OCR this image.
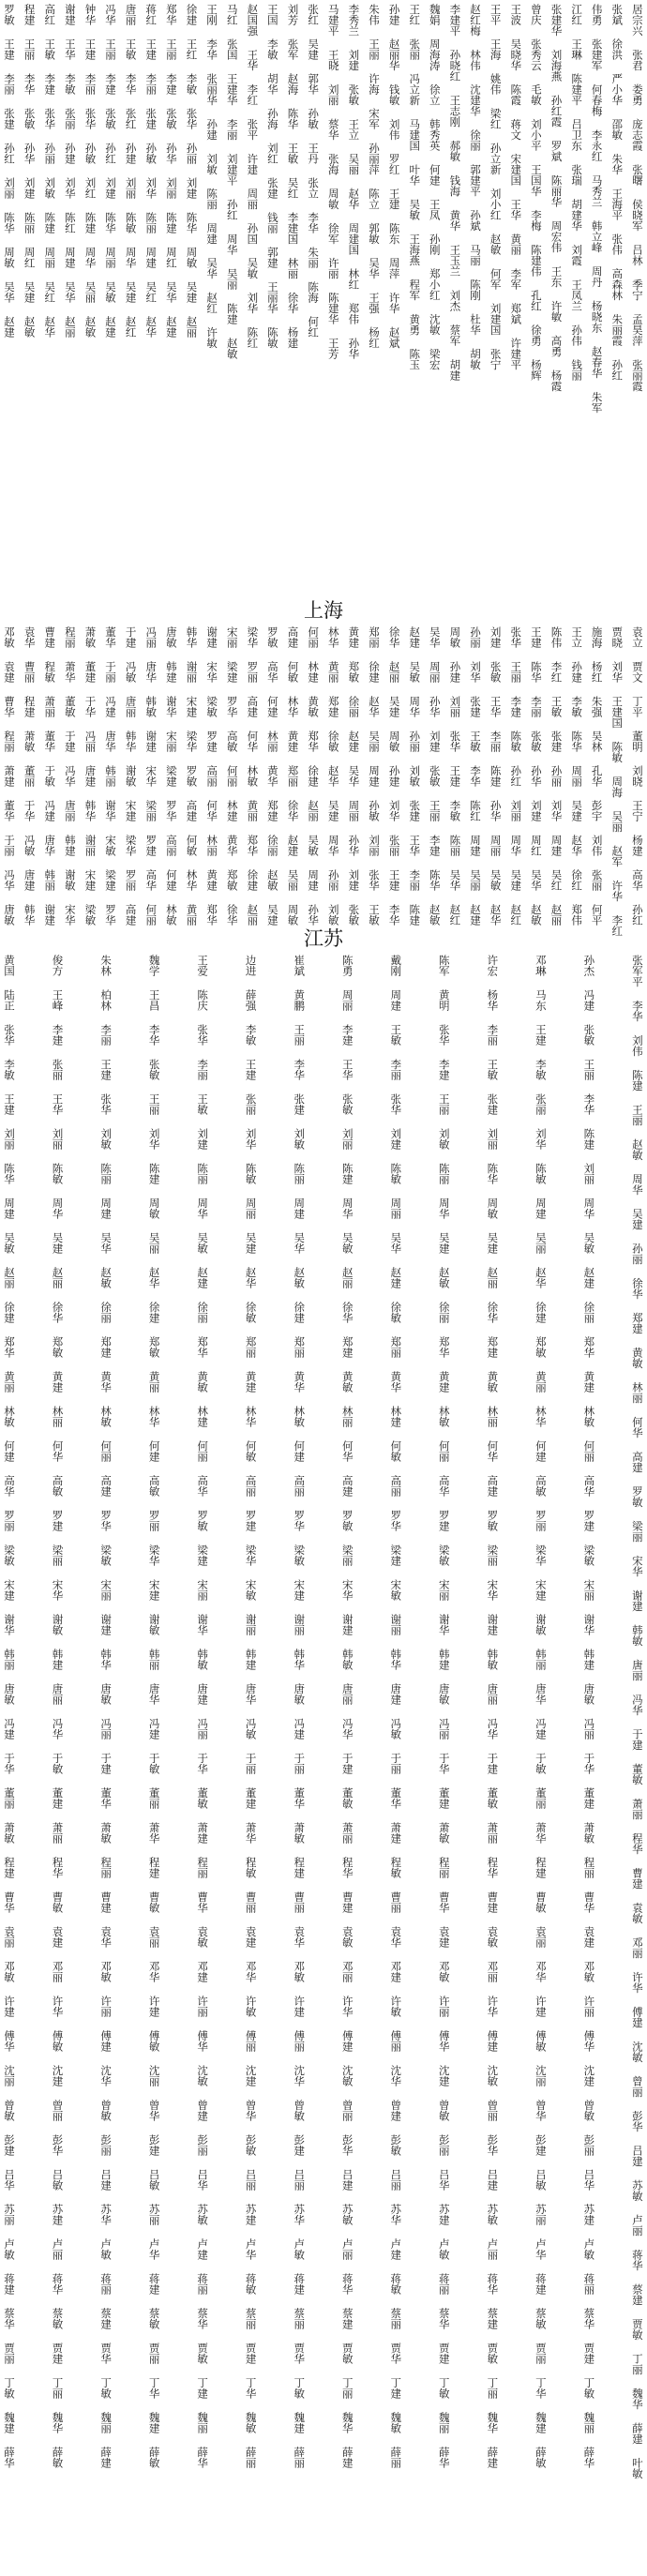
居宗兴 张君 娄勇 庞志霞 张曙 侯晓军 吕林 季宁 孟昊萍 张丽霞
张斌 徐洪 严小华 邵敏 朱华 王海平 张伟 高森林 朱丽霞 孙红
伟勇 张建军 何春梅 李永红 马秀兰 韩立峰 周丹 杨晓东 赵春华 朱军
江红 王琳 陈建平 吕卫东 张瑞 胡建华 刘霞 王凤兰 孙伟 钱丽
张建华 刘海燕 孙红霞 罗斌 陈丽华 周宏伟 王东 许敏 高勇 杨霞
曾庆 张秀云 毛敏 刘小平 王国华 李梅 陈建伟 孔红 徐勇 杨辉
王波 吴晓华 陈霞 蒋文 宋建国 王华 黄丽 李军 郑斌 许建平
王平 王海 姚伟 梁红 孙立新 刘小红 赵敏 何军 刘建国 张宁
赵红梅 林伟 沈建华 徐丽 郭建平 孙斌 马丽 陈刚 杜华 胡敏
李建平 孙晓红 王志刚 郝敏 钱海 黄华 王玉兰 刘杰 蔡军 胡建
魏娟 周海涛 徐立 韩秀英 何建 王凤 孙刚 郑小红 沈敏 梁宏
王红 张丽 冯立新 马建国 叶华 吴敏 王海燕 程军 黄勇 陈玉
孙建 赵丽华 钱敏 刘伟 罗红 王建 陈东 周萍 许华 赵斌
朱伟 王丽 许海 宋军 孙丽萍 陈立 郭敏 吴华 王强 杨红
李秀兰 刘建 张敏 王立 吴丽 赵华 周建国 林红 郑伟 孙华
马建平 王晓 刘丽 蔡华 张海 周敏 徐军 许丽 陈建华 王芳
张红 吴建 郭华 孙敏 王丹 张立 李华 朱丽 陈海 何红
刘芳 张军 赵海 陈华 王敏 吴红 李建国 林丽 徐华 杨建
王国 李敏 胡华 孙海 刘红 张建 钱丽 郭建 王丽华 陈敏
赵国强 王华 李红 张平 许建 周丽 孙国 吴敏 刘华 陈红
马红 张国 王建华 李丽 刘建平 孙红 周华 吴丽 陈建 赵敏
王刚 李华 张丽华 孙建 刘敏 陈丽 周建 吴华 赵红 许敏
徐建 王红 李敏 张华 孙丽 刘建 陈华 周敏 吴建 赵丽
郑华 王丽 李建 张敏 孙华 刘丽 陈建 周红 吴华 赵建
蒋红 王建 李丽 张建 孙敏 刘华 陈丽 周建 吴红 赵华
唐丽 王敏 李华 张红 孙建 刘丽 陈敏 周华 吴建 赵红
冯华 王丽 李建 张敏 孙红 刘建 陈华 周丽 吴敏 赵建
钟华 王建 李丽 张华 孙敏 刘红 陈建 周华 吴丽 赵敏
谢建 王华 李敏 张丽 孙建 刘华 陈红 周建 吴华 赵丽
高红 王敏 李建 张华 孙丽 刘敏 陈建 周丽 吴红 赵华
程建 王丽 李华 张敏 孙华 刘建 陈丽 周红 吴建 赵敏
罗敏 王建 李丽 张建 孙红 刘丽 陈华 周敏 吴华 赵建
上海
袁立 贾文 丁平 董明 刘晓 王宁 杨建 高华 孙红
贾晓 刘华 王建国 陈敏 周海 吴丽 赵军 许华 李红
施海 杨红 朱强 吴林 孔华 彭宇 刘伟 张丽 何平
王立 孙建 李敏 陈华 周丽 吴建 赵华 徐红 郑伟
陈伟 李红 王敏 张建 孙丽 刘华 周建 吴红 赵丽
王建 陈华 李丽 张敏 孙华 刘建 周红 吴华 赵敏
张华 王丽 李建 陈敏 孙红 刘丽 周华 吴建 赵红
刘建 张敏 王华 李丽 陈建 孙华 周丽 吴敏 赵华
孙丽 刘华 张建 王敏 李华 陈红 周建 吴丽 赵建
周敏 孙建 刘丽 张华 王建 李敏 陈丽 吴华 赵红
吴华 周丽 孙华 刘建 张敏 王丽 李建 陈华 赵敏
赵建 吴敏 周华 孙丽 刘敏 张建 王华 李丽 陈建
徐华 赵丽 吴建 周敏 孙建 刘华 张丽 王建 李华
郑丽 徐建 赵华 吴丽 周建 孙敏 刘丽 张华 王敏
黄建 郑敏 徐丽 赵建 吴华 周丽 孙华 刘建 张敏
林华 黄丽 郑建 徐敏 赵华 吴建 周华 孙丽 刘敏
何丽 林建 黄敏 郑华 徐建 赵丽 吴敏 周建 孙华
高建 何敏 林华 黄建 郑丽 徐华 赵建 吴丽 周敏
罗敏 高华 何建 林丽 黄华 郑建 徐丽 赵敏 吴建
梁华 罗丽 高建 何华 林敏 黄丽 郑华 徐建 赵丽
宋丽 梁建 罗华 高敏 何丽 林建 黄华 郑敏 徐华
谢建 宋华 梁敏 罗建 高丽 何华 林丽 黄建 郑华
韩华 谢丽 宋建 梁华 罗敏 高建 何敏 林华 黄丽
唐敏 韩建 谢华 宋丽 梁建 罗华 高丽 何建 林敏
冯丽 唐华 韩敏 谢建 宋华 梁丽 罗建 高华 何丽
于建 冯敏 唐丽 韩华 谢敏 宋建 梁华 罗丽 高建
董华 于丽 冯建 唐华 韩丽 谢华 宋敏 梁建 罗华
萧敏 董建 于华 冯丽 唐建 韩华 谢丽 宋建 梁敏
程丽 萧华 董敏 于建 冯华 唐丽 韩建 谢敏 宋华
曹建 程敏 萧丽 董华 于敏 冯建 唐华 韩丽 谢建
袁华 曹丽 程建 萧敏 董丽 于华 冯敏 唐建 韩华
邓敏 袁建 曹华 程丽 萧建 董华 于丽 冯华 唐敏
江苏
张军平 李华 刘伟 陈建 王丽 赵敏 周华 吴建 孙丽 徐华 郑建 黄敏 林丽 何华 高建 罗敏 梁丽 宋华 谢建 韩敏 唐丽 冯华 于建 董敏 萧丽 程华 曹建 袁敏 邓丽 许华 傅建 沈敏 曾丽 彭华 吕建 苏敏 卢丽 蒋华 蔡建 贾敏 丁丽 魏华 薛建 叶敏
孙杰 冯建 张敏 王丽 李华 陈建 刘丽 周华 吴敏 赵建 徐丽 郑华 黄建 林敏 何丽 高华 罗建 梁敏 宋丽 谢华 韩建 唐敏 冯丽 于华 董建 萧敏 程丽 曹华 袁建 邓敏 许丽 傅华 沈建 曾敏 彭丽 吕华 苏建 卢敏 蒋丽 蔡华 贾建 丁敏 魏丽 薛华
邓琳 马东 王建 李敏 张丽 刘华 陈敏 周建 吴丽 赵华 徐建 郑敏 黄丽 林华 何建 高敏 罗丽 梁华 宋建 谢敏 韩丽 唐华 冯建 于敏 董丽 萧华 程建 曹敏 袁丽 邓华 许建 傅敏 沈丽 曾华 彭建 吕敏 苏丽 卢华 蒋建 蔡敏 贾丽 丁华 魏建 薛敏
许宏 杨华 李丽 王敏 张建 刘丽 陈华 周敏 吴建 赵丽 徐华 郑建 黄敏 林丽 何华 高建 罗敏 梁丽 宋华 谢建 韩敏 唐丽 冯华 于建 董敏 萧丽 程华 曹建 袁敏 邓丽 许华 傅建 沈敏 曾丽 彭华 吕建 苏敏 卢丽 蒋华 蔡建 贾敏 丁丽 魏华 薛建
陈军 黄明 张华 李建 王丽 刘敏 陈丽 周华 吴建 赵敏 徐丽 郑华 黄建 林敏 何丽 高华 罗建 梁敏 宋丽 谢华 韩建 唐敏 冯丽 于华 董建 萧敏 程丽 曹华 袁建 邓敏 许丽 傅华 沈建 曾敏 彭丽 吕华 苏建 卢敏 蒋丽 蔡华 贾建 丁敏 魏丽 薛华
戴刚 周建 王敏 李丽 张华 刘建 陈敏 周丽 吴华 赵建 徐敏 郑丽 黄华 林建 何敏 高丽 罗华 梁建 宋敏 谢丽 韩华 唐建 冯敏 于丽 董华 萧建 程敏 曹丽 袁华 邓建 许敏 傅丽 沈华 曾建 彭敏 吕丽 苏华 卢建 蒋敏 蔡丽 贾华 丁建 魏敏 薛丽
陈勇 周丽 李建 王华 张敏 刘丽 陈建 周华 吴敏 赵丽 徐华 郑建 黄敏 林丽 何华 高建 罗敏 梁丽 宋华 谢建 韩敏 唐丽 冯华 于建 董敏 萧丽 程华 曹建 袁敏 邓丽 许华 傅建 沈敏 曾丽 彭华 吕建 苏敏 卢丽 蒋华 蔡建 贾敏 丁丽 魏华 薛建
崔斌 黄鹏 王丽 李华 张建 刘敏 陈丽 周建 吴华 赵敏 徐建 郑丽 黄华 林敏 何建 高丽 罗华 梁敏 宋建 谢丽 韩华 唐敏 冯建 于丽 董华 萧敏 程建 曹丽 袁华 邓敏 许建 傅丽 沈华 曾敏 彭建 吕丽 苏华 卢敏 蒋建 蔡丽 贾华 丁敏 魏建 薛丽
边进 薛强 李敏 王建 张丽 刘华 陈敏 周丽 吴建 赵华 徐敏 郑丽 黄建 林华 何敏 高丽 罗建 梁华 宋敏 谢丽 韩建 唐华 冯敏 于丽 董建 萧华 程敏 曹丽 袁建 邓华 许敏 傅丽 沈建 曾华 彭敏 吕丽 苏建 卢华 蒋敏 蔡丽 贾建 丁华 魏敏 薛丽
王爱 陈庆 张华 李丽 王敏 刘建 陈丽 周华 吴敏 赵建 徐丽 郑华 黄敏 林建 何丽 高华 罗敏 梁建 宋丽 谢华 韩敏 唐建 冯丽 于华 董敏 萧建 程丽 曹华 袁敏 邓建 许丽 傅华 沈敏 曾建 彭丽 吕华 苏敏 卢建 蒋丽 蔡华 贾敏 丁建 魏丽 薛华
魏学 王昌 李华 张敏 王丽 刘华 陈建 周敏 吴丽 赵华 徐建 郑敏 黄丽 林华 何建 高敏 罗丽 梁华 宋建 谢敏 韩丽 唐华 冯建 于敏 董丽 萧华 程建 曹敏 袁丽 邓华 许建 傅敏 沈丽 曾华 彭建 吕敏 苏丽 卢华 蒋建 蔡敏 贾丽 丁华 魏建 薛敏
朱林 柏林 李丽 王建 张华 刘敏 陈丽 周建 吴华 赵敏 徐丽 郑建 黄华 林敏 何丽 高建 罗华 梁敏 宋丽 谢建 韩华 唐敏 冯丽 于建 董华 萧敏 程丽 曹建 袁华 邓敏 许丽 傅建 沈华 曾敏 彭丽 吕建 苏华 卢敏 蒋丽 蔡建 贾华 丁敏 魏丽 薛建
俊方 王峰 李建 张丽 王华 刘丽 陈敏 周华 吴建 赵丽 徐华 郑敏 黄建 林丽 何华 高敏 罗建 梁丽 宋华 谢敏 韩建 唐丽 冯华 于敏 董建 萧丽 程华 曹敏 袁建 邓丽 许华 傅敏 沈建 曾丽 彭华 吕敏 苏建 卢丽 蒋华 蔡敏 贾建 丁丽 魏华 薛敏
黄国 陆正 张华 李敏 王建 刘丽 陈华 周建 吴敏 赵丽 徐建 郑华 黄丽 林敏 何建 高华 罗丽 梁敏 宋建 谢华 韩丽 唐敏 冯建 于华 董丽 萧敏 程建 曹华 袁丽 邓敏 许建 傅华 沈丽 曾敏 彭建 吕华 苏丽 卢敏 蒋建 蔡华 贾丽 丁敏 魏建 薛华
